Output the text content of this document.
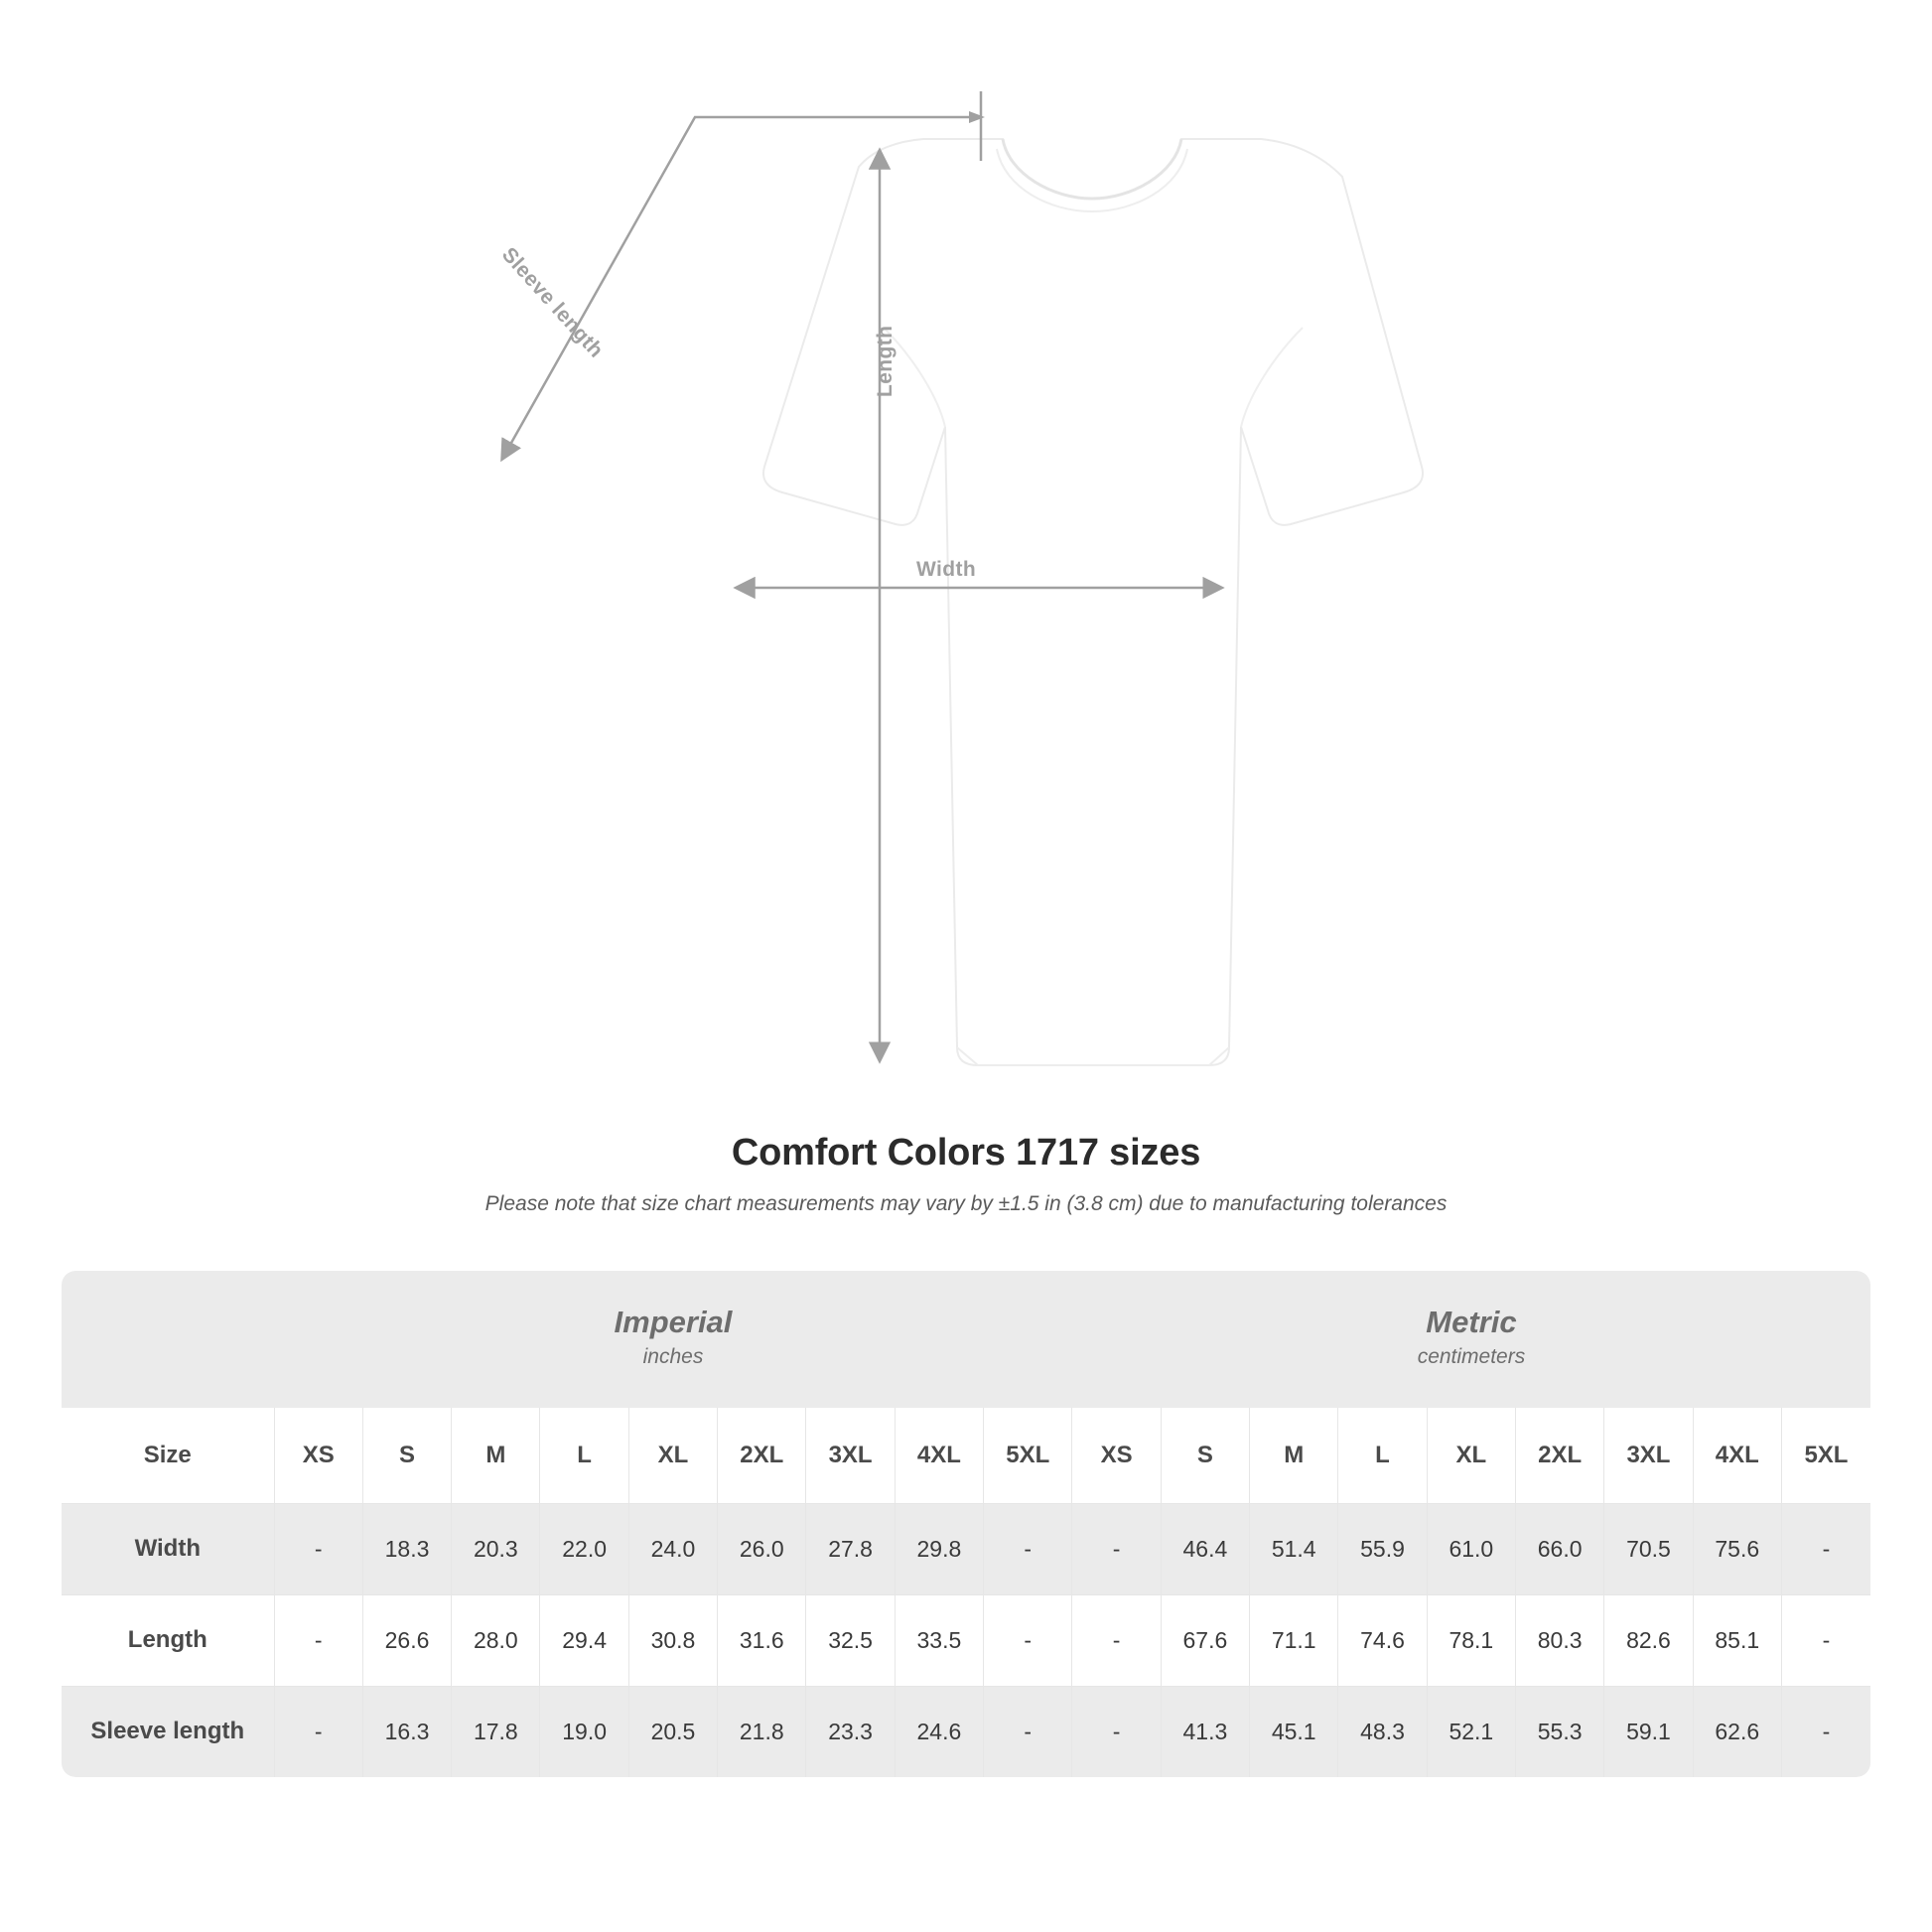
Width
Length
Sleeve length
Comfort Colors 1717 sizes

Please note that size chart measurements may vary by ±1.5 in (3.8 cm) due to manufacturing tolerances

Imperial
inches

Metric
centimeters

Size	XS	S	M	L	XL	2XL	3XL	4XL	5XL	XS	S	M	L	XL	2XL	3XL	4XL	5XL
Width	-	18.3	20.3	22.0	24.0	26.0	27.8	29.8	-	-	46.4	51.4	55.9	61.0	66.0	70.5	75.6	-
Length	-	26.6	28.0	29.4	30.8	31.6	32.5	33.5	-	-	67.6	71.1	74.6	78.1	80.3	82.6	85.1	-
Sleeve length	-	16.3	17.8	19.0	20.5	21.8	23.3	24.6	-	-	41.3	45.1	48.3	52.1	55.3	59.1	62.6	-
